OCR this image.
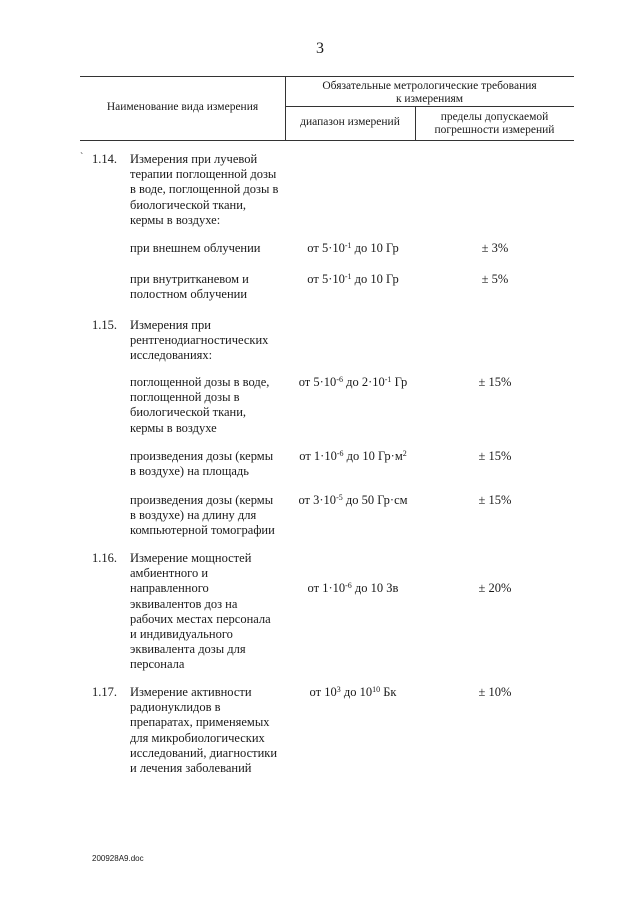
3
Наименование вида измерения
Обязательные метрологические требования
к измерениям
диапазон измерений	пределы допускаемой
погрешности измерений
ˋ 1.14. Измерения при лучевой
терапии поглощенной дозы
в воде, поглощенной дозы в
биологической ткани,
кермы в воздухе:
при внешнем облучении	от $5\cdot 10^{-1}$ до 10 Гр	± 3%
при внутритканевом и
полостном облучении
от $5\cdot 10^{-1}$ до 10 Гр	± 5%
1.15. Измерения при
рентгенодиагностических
исследованиях:
поглощенной дозы в воде,
поглощенной дозы в
биологической ткани,
кермы в воздухе
от $5\cdot 10^{-6}$ до $2\cdot 10^{-1}$ Гр	± 15%
произведения дозы (кермы
в воздухе) на площадь
от $1\cdot 10^{-6}$ до 10 $Гр\cdot м^2$	± 15%
произведения дозы (кермы
в воздухе) на длину для
компьютерной томографии
от $3\cdot 10^{-5}$ до 50 Гр·см	± 15%
1.16. Измерение мощностей
амбиентного и
направленного
эквивалентов доз на
рабочих местах персонала
и индивидуального
эквивалента дозы для
персонала
от $1\cdot 10^{-6}$ до 10 Зв	± 20%
1.17. Измерение активности
радионуклидов в
препаратах, применяемых
для микробиологических
исследований, диагностики
и лечения заболеваний
от $10^3$ до $10^{10}$ Бк	± 10%
200928A9.doc
